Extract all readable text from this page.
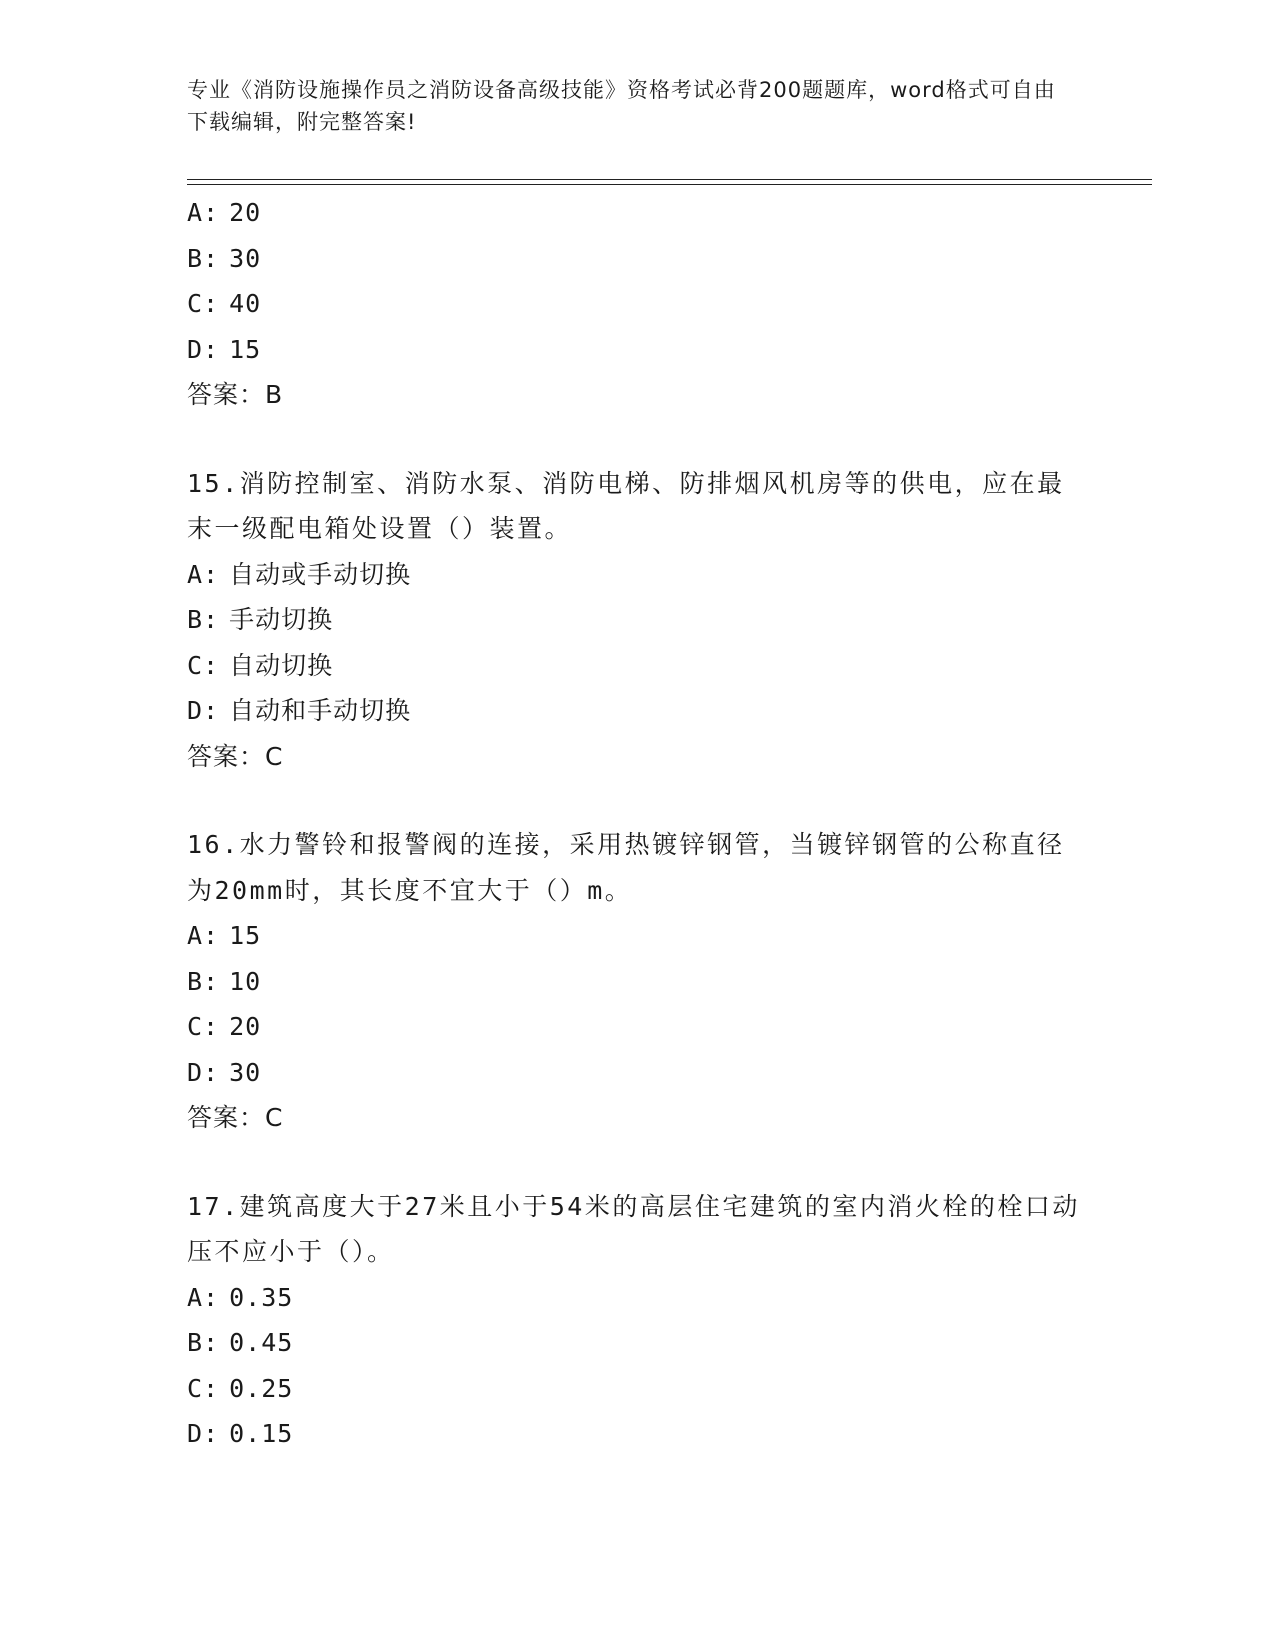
专业《消防设施操作员之消防设备高级技能》资格考试必背200题题库，word格式可自由下载编辑，附完整答案!
A: 20
B: 30
C: 40
D: 15
答案：B
15.消防控制室、消防水泵、消防电梯、防排烟风机房等的供电，应在最末一级配电箱处设置（）装置。
A: 自动或手动切换
B: 手动切换
C: 自动切换
D: 自动和手动切换
答案：C
16.水力警铃和报警阀的连接，采用热镀锌钢管，当镀锌钢管的公称直径为20mm时，其长度不宜大于（）m。
A: 15
B: 10
C: 20
D: 30
答案：C
17.建筑高度大于27米且小于54米的高层住宅建筑的室内消火栓的栓口动压不应小于（）。
A: 0.35
B: 0.45
C: 0.25
D: 0.15
